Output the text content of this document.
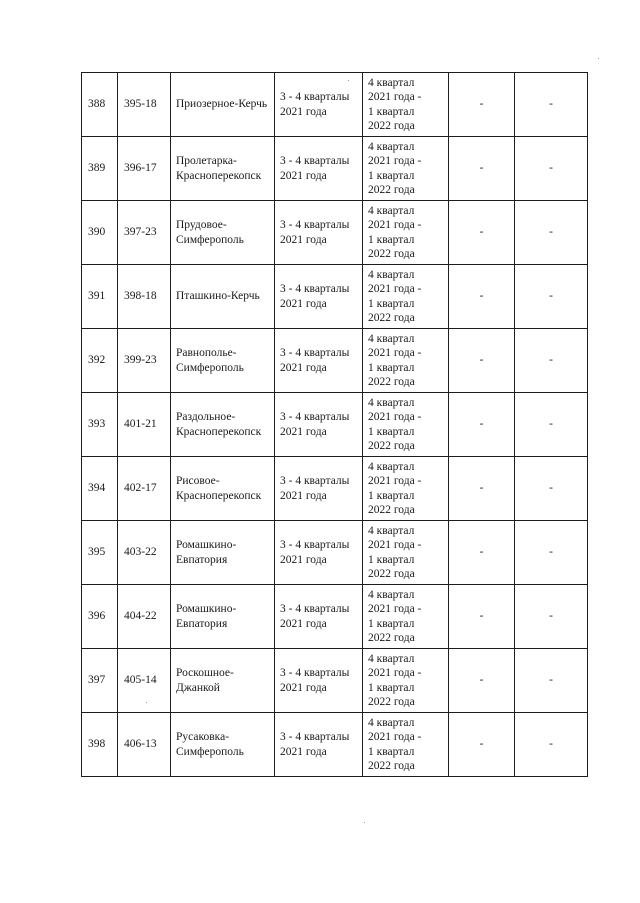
388	395-18	Приозерное-Керчь	3 - 4 кварталы
2021 года	4 квартал
2021 года -
1 квартал
2022 года	-	-
389	396-17	Пролетарка-
Красноперекопск	3 - 4 кварталы
2021 года	4 квартал
2021 года -
1 квартал
2022 года	-	-
390	397-23	Прудовое-
Симферополь	3 - 4 кварталы
2021 года	4 квартал
2021 года -
1 квартал
2022 года	-	-
391	398-18	Пташкино-Керчь	3 - 4 кварталы
2021 года	4 квартал
2021 года -
1 квартал
2022 года	-	-
392	399-23	Равнополье-
Симферополь	3 - 4 кварталы
2021 года	4 квартал
2021 года -
1 квартал
2022 года	-	-
393	401-21	Раздольное-
Красноперекопск	3 - 4 кварталы
2021 года	4 квартал
2021 года -
1 квартал
2022 года	-	-
394	402-17	Рисовое-
Красноперекопск	3 - 4 кварталы
2021 года	4 квартал
2021 года -
1 квартал
2022 года	-	-
395	403-22	Ромашкино-
Евпатория	3 - 4 кварталы
2021 года	4 квартал
2021 года -
1 квартал
2022 года	-	-
396	404-22	Ромашкино-
Евпатория	3 - 4 кварталы
2021 года	4 квартал
2021 года -
1 квартал
2022 года	-	-
397	405-14	Роскошное-
Джанкой	3 - 4 кварталы
2021 года	4 квартал
2021 года -
1 квартал
2022 года	-	-
398	406-13	Русаковка-
Симферополь	3 - 4 кварталы
2021 года	4 квартал
2021 года -
1 квартал
2022 года	-	-
